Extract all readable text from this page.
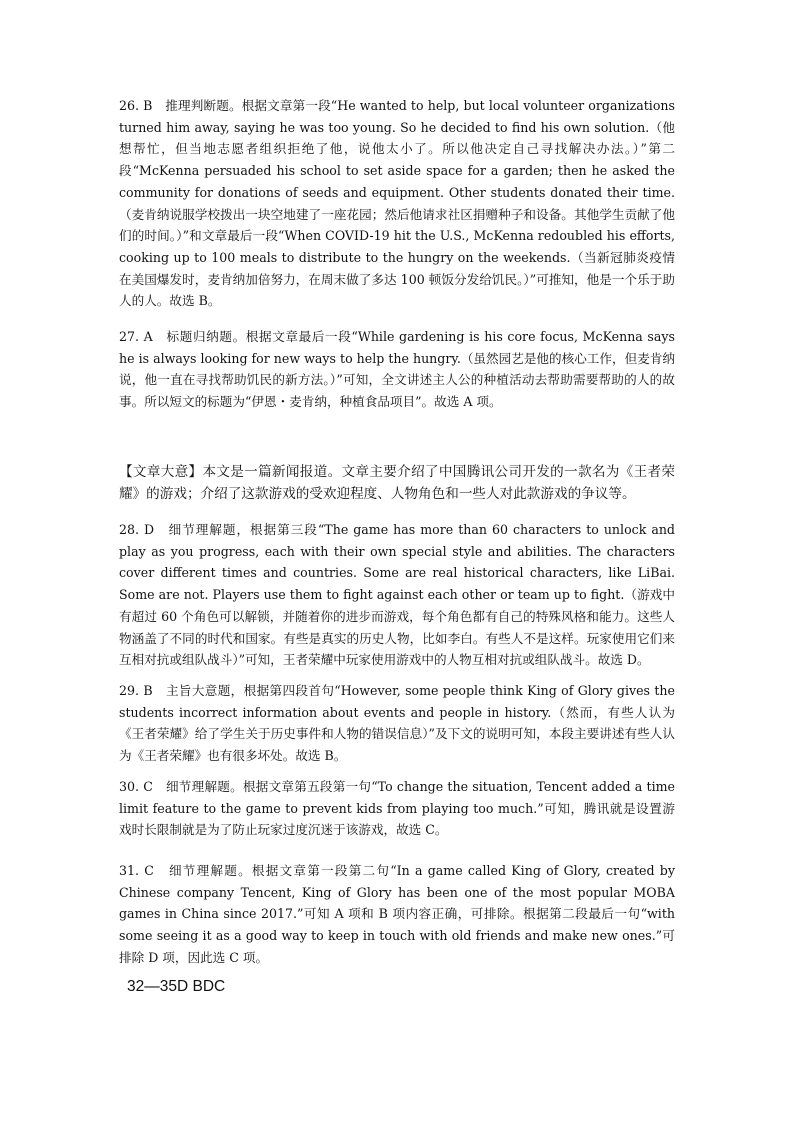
26. B　推理判断题。根据文章第一段“He wanted to help, but local volunteer organizations turned him away, saying he was too young. So he decided to find his own solution.（他想帮忙，但当地志愿者组织拒绝了他，说他太小了。所以他决定自己寻找解决办法。）”第二段“McKenna persuaded his school to set aside space for a garden; then he asked the community for donations of seeds and equipment. Other students donated their time.（麦肯纳说服学校拨出一块空地建了一座花园；然后他请求社区捐赠种子和设备。其他学生贡献了他们的时间。）”和文章最后一段“When COVID-19 hit the U.S., McKenna redoubled his efforts, cooking up to 100 meals to distribute to the hungry on the weekends.（当新冠肺炎疫情在美国爆发时，麦肯纳加倍努力，在周末做了多达 100 顿饭分发给饥民。）”可推知，他是一个乐于助人的人。故选 B。

27. A　标题归纳题。根据文章最后一段“While gardening is his core focus, McKenna says he is always looking for new ways to help the hungry.（虽然园艺是他的核心工作，但麦肯纳说，他一直在寻找帮助饥民的新方法。）”可知，全文讲述主人公的种植活动去帮助需要帮助的人的故事。所以短文的标题为“伊恩・麦肯纳，种植食品项目”。故选 A 项。

【文章大意】本文是一篇新闻报道。文章主要介绍了中国腾讯公司开发的一款名为《王者荣耀》的游戏；介绍了这款游戏的受欢迎程度、人物角色和一些人对此款游戏的争议等。

28. D　细节理解题，根据第三段“The game has more than 60 characters to unlock and play as you progress, each with their own special style and abilities. The characters cover different times and countries. Some are real historical characters, like LiBai. Some are not. Players use them to fight against each other or team up to fight.（游戏中有超过 60 个角色可以解锁，并随着你的进步而游戏，每个角色都有自己的特殊风格和能力。这些人物涵盖了不同的时代和国家。有些是真实的历史人物，比如李白。有些人不是这样。玩家使用它们来互相对抗或组队战斗）”可知，王者荣耀中玩家使用游戏中的人物互相对抗或组队战斗。故选 D。

29. B　主旨大意题，根据第四段首句“However, some people think King of Glory gives the students incorrect information about events and people in history.（然而，有些人认为《王者荣耀》给了学生关于历史事件和人物的错误信息）”及下文的说明可知，本段主要讲述有些人认为《王者荣耀》也有很多坏处。故选 B。

30. C　细节理解题。根据文章第五段第一句“To change the situation, Tencent added a time limit feature to the game to prevent kids from playing too much.”可知，腾讯就是设置游戏时长限制就是为了防止玩家过度沉迷于该游戏，故选 C。

31. C　细节理解题。根据文章第一段第二句“In a game called King of Glory, created by Chinese company Tencent, King of Glory has been one of the most popular MOBA games in China since 2017.”可知 A 项和 B 项内容正确，可排除。根据第二段最后一句“with some seeing it as a good way to keep in touch with old friends and make new ones.”可排除 D 项，因此选 C 项。

32—35D BDC
